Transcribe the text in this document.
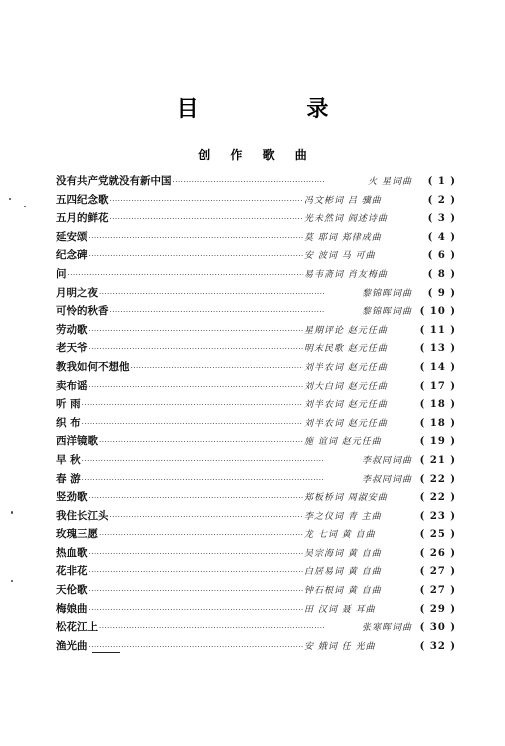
目 录
创 作 歌 曲
没有共产党就没有新中国 ·····	火 星词曲	( 1 )
五四纪念歌 ·····	冯文彬词 吕 骥曲	( 2 )
五月的鲜花 ·····	光未然词 阎述诗曲	( 3 )
延安颂 ·····	莫 耶词 郑律成曲	( 4 )
纪念碑 ·····	安 波词 马 可曲	( 6 )
问 ·····	易韦斋词 肖友梅曲	( 8 )
月明之夜 ·····	黎锦晖词曲	( 9 )
可怜的秋香 ·····	黎锦晖词曲 ( 10 )
劳动歌 ·····	星期评论 赵元任曲	( 11 )
老天爷 ·····	明末民歌 赵元任曲	( 13 )
教我如何不想他 ·····	刘半农词 赵元任曲	( 14 )
卖布谣 ·····	刘大白词 赵元任曲	( 17 )
听 雨 ·····	刘半农词 赵元任曲	( 18 )
织 布 ·····	刘半农词 赵元任曲	( 18 )
西洋镜歌 ·····	施 谊词 赵元任曲	( 19 )
早 秋 ·····	李叔同词曲 ( 21 )
春 游 ·····	李叔同词曲 ( 22 )
竖劲歌 ·····	郑板桥词 周淑安曲	( 22 )
我住长江头 ·····	李之仪词 青 主曲	( 23 )
玫瑰三愿 ·····	龙 七词 黄 自曲	( 25 )
热血歌 ·····	吴宗海词 黄 自曲	( 26 )
花非花 ·····	白居易词 黄 自曲	( 27 )
天伦歌 ·····	钟石根词 黄 自曲	( 27 )
梅娘曲 ·····	田 汉词 聂 耳曲	( 29 )
松花江上 ·····	张寒晖词曲 ( 30 )
渔光曲 ·····	安 娥词 任 光曲	( 32 )
